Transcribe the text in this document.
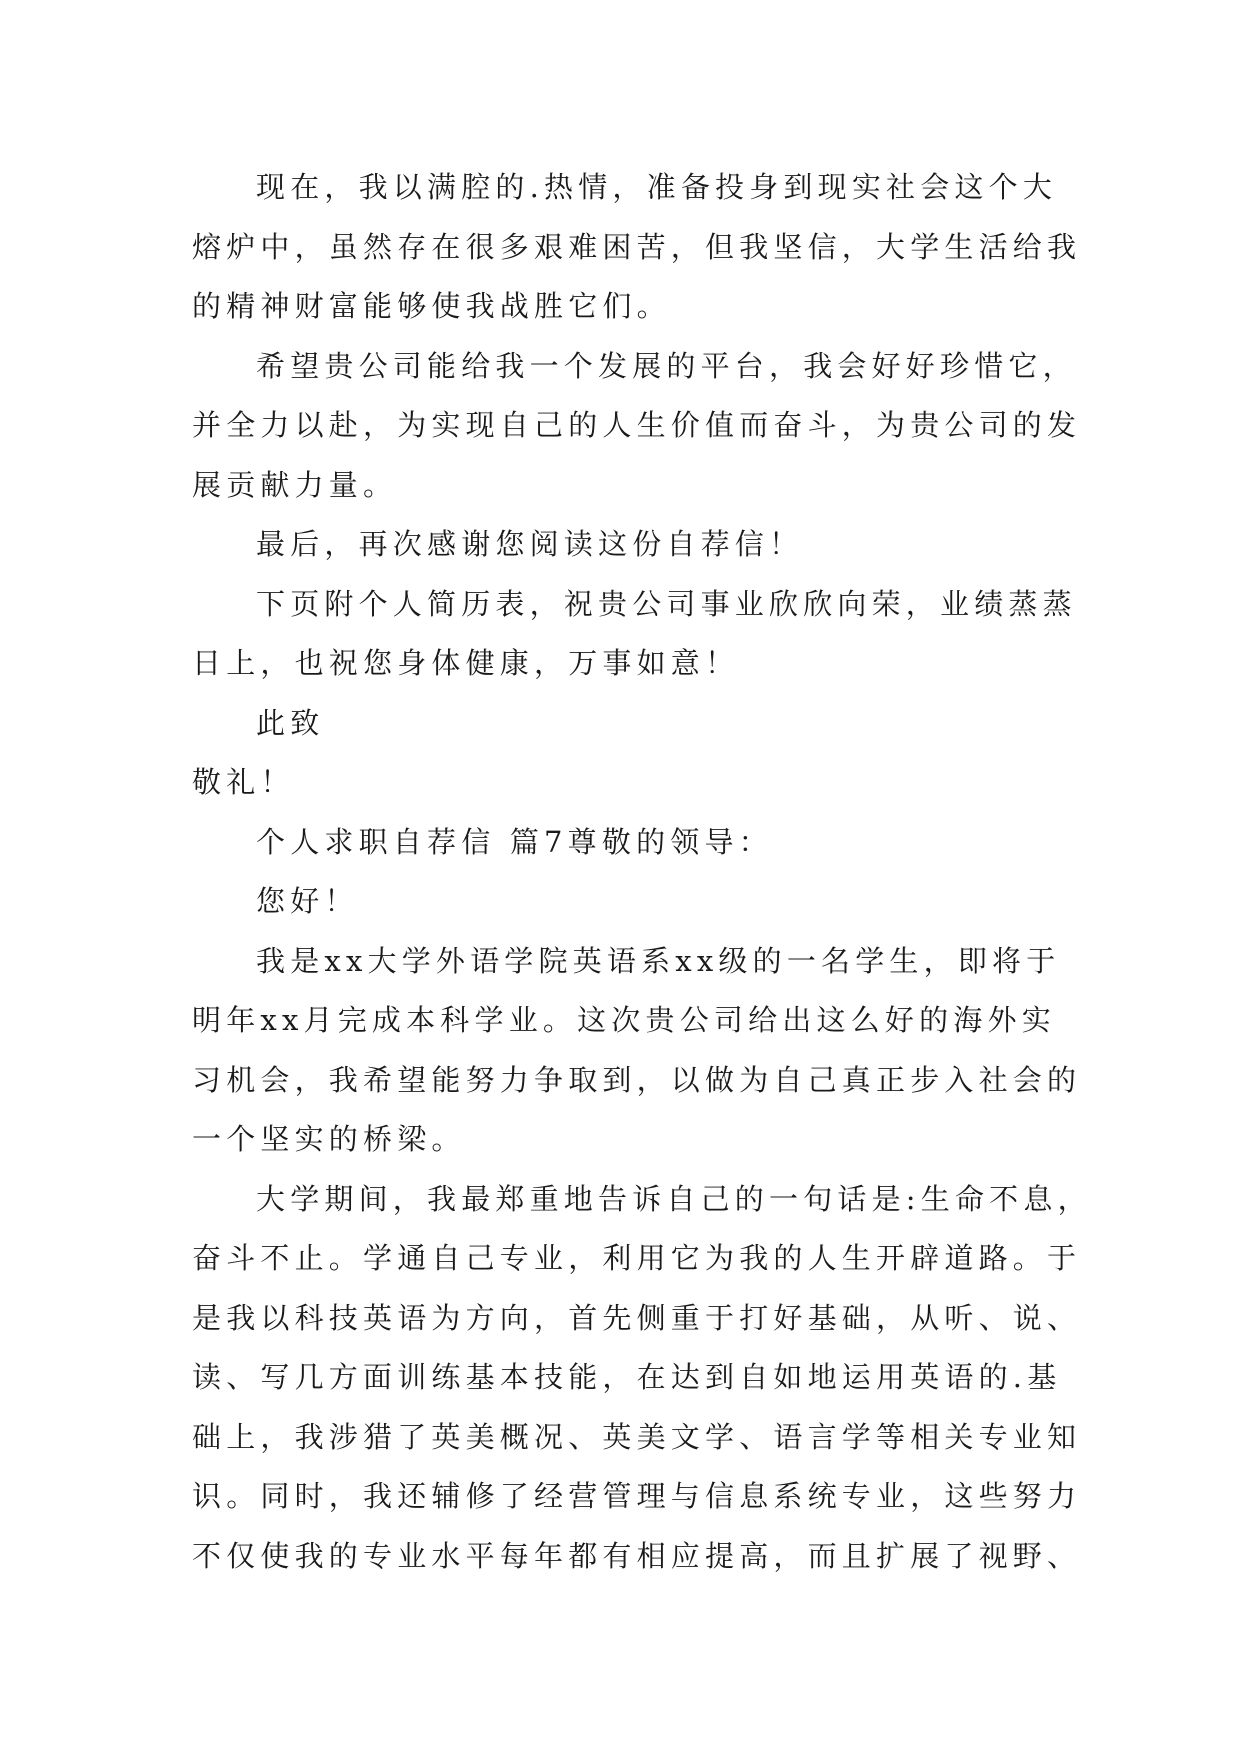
现在，我以满腔的.热情，准备投身到现实社会这个大
熔炉中，虽然存在很多艰难困苦，但我坚信，大学生活给我
的精神财富能够使我战胜它们。
希望贵公司能给我一个发展的平台，我会好好珍惜它，
并全力以赴，为实现自己的人生价值而奋斗，为贵公司的发
展贡献力量。
最后，再次感谢您阅读这份自荐信！
下页附个人简历表，祝贵公司事业欣欣向荣，业绩蒸蒸
日上，也祝您身体健康，万事如意！
此致
敬礼！
个人求职自荐信 篇7尊敬的领导：
您好！
我是xx大学外语学院英语系xx级的一名学生，即将于
明年xx月完成本科学业。这次贵公司给出这么好的海外实
习机会，我希望能努力争取到，以做为自己真正步入社会的
一个坚实的桥梁。
大学期间，我最郑重地告诉自己的一句话是:生命不息，
奋斗不止。学通自己专业，利用它为我的人生开辟道路。于
是我以科技英语为方向，首先侧重于打好基础，从听、说、
读、写几方面训练基本技能，在达到自如地运用英语的.基
础上，我涉猎了英美概况、英美文学、语言学等相关专业知
识。同时，我还辅修了经营管理与信息系统专业，这些努力
不仅使我的专业水平每年都有相应提高，而且扩展了视野、
